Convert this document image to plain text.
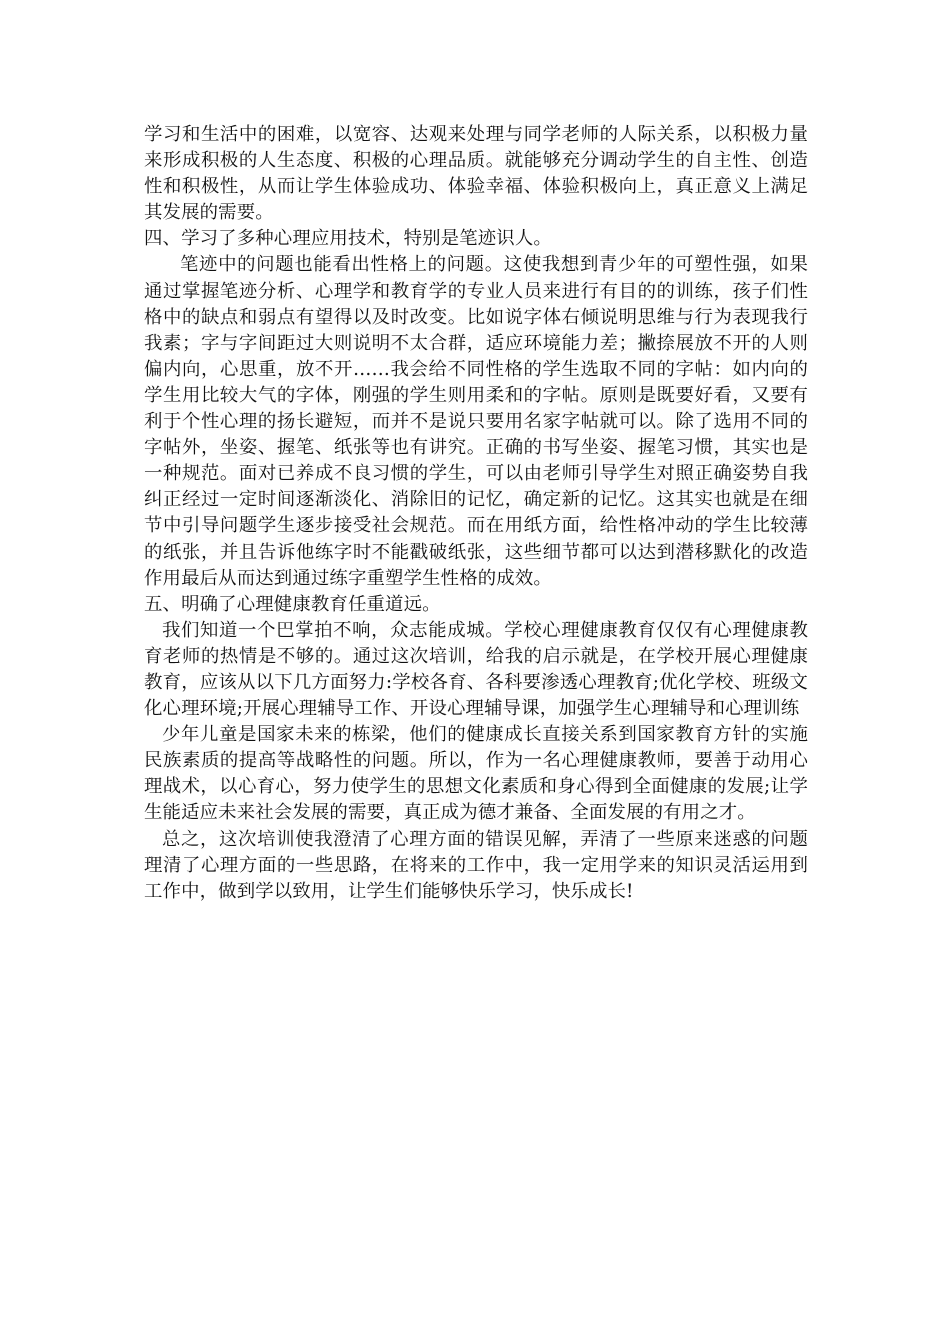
学习和生活中的困难，以宽容、达观来处理与同学老师的人际关系，以积极力量来形成积极的人生态度、积极的心理品质。就能够充分调动学生的自主性、创造性和积极性，从而让学生体验成功、体验幸福、体验积极向上，真正意义上满足其发展的需要。

四、学习了多种心理应用技术，特别是笔迹识人。

笔迹中的问题也能看出性格上的问题。这使我想到青少年的可塑性强，如果通过掌握笔迹分析、心理学和教育学的专业人员来进行有目的的训练，孩子们性格中的缺点和弱点有望得以及时改变。比如说字体右倾说明思维与行为表现我行我素；字与字间距过大则说明不太合群，适应环境能力差；撇捺展放不开的人则偏内向，心思重，放不开……我会给不同性格的学生选取不同的字帖：如内向的学生用比较大气的字体，刚强的学生则用柔和的字帖。原则是既要好看，又要有利于个性心理的扬长避短，而并不是说只要用名家字帖就可以。除了选用不同的字帖外，坐姿、握笔、纸张等也有讲究。正确的书写坐姿、握笔习惯，其实也是一种规范。面对已养成不良习惯的学生，可以由老师引导学生对照正确姿势自我纠正经过一定时间逐渐淡化、消除旧的记忆，确定新的记忆。这其实也就是在细节中引导问题学生逐步接受社会规范。而在用纸方面，给性格冲动的学生比较薄的纸张，并且告诉他练字时不能戳破纸张，这些细节都可以达到潜移默化的改造作用最后从而达到通过练字重塑学生性格的成效。

五、明确了心理健康教育任重道远。

我们知道一个巴掌拍不响，众志能成城。学校心理健康教育仅仅有心理健康教育老师的热情是不够的。通过这次培训，给我的启示就是，在学校开展心理健康教育，应该从以下几方面努力:学校各育、各科要渗透心理教育;优化学校、班级文化心理环境;开展心理辅导工作、开设心理辅导课，加强学生心理辅导和心理训练

少年儿童是国家未来的栋梁，他们的健康成长直接关系到国家教育方针的实施民族素质的提高等战略性的问题。所以，作为一名心理健康教师，要善于动用心理战术，以心育心，努力使学生的思想文化素质和身心得到全面健康的发展;让学生能适应未来社会发展的需要，真正成为德才兼备、全面发展的有用之才。

总之，这次培训使我澄清了心理方面的错误见解，弄清了一些原来迷惑的问题理清了心理方面的一些思路，在将来的工作中，我一定用学来的知识灵活运用到工作中，做到学以致用，让学生们能够快乐学习，快乐成长!
